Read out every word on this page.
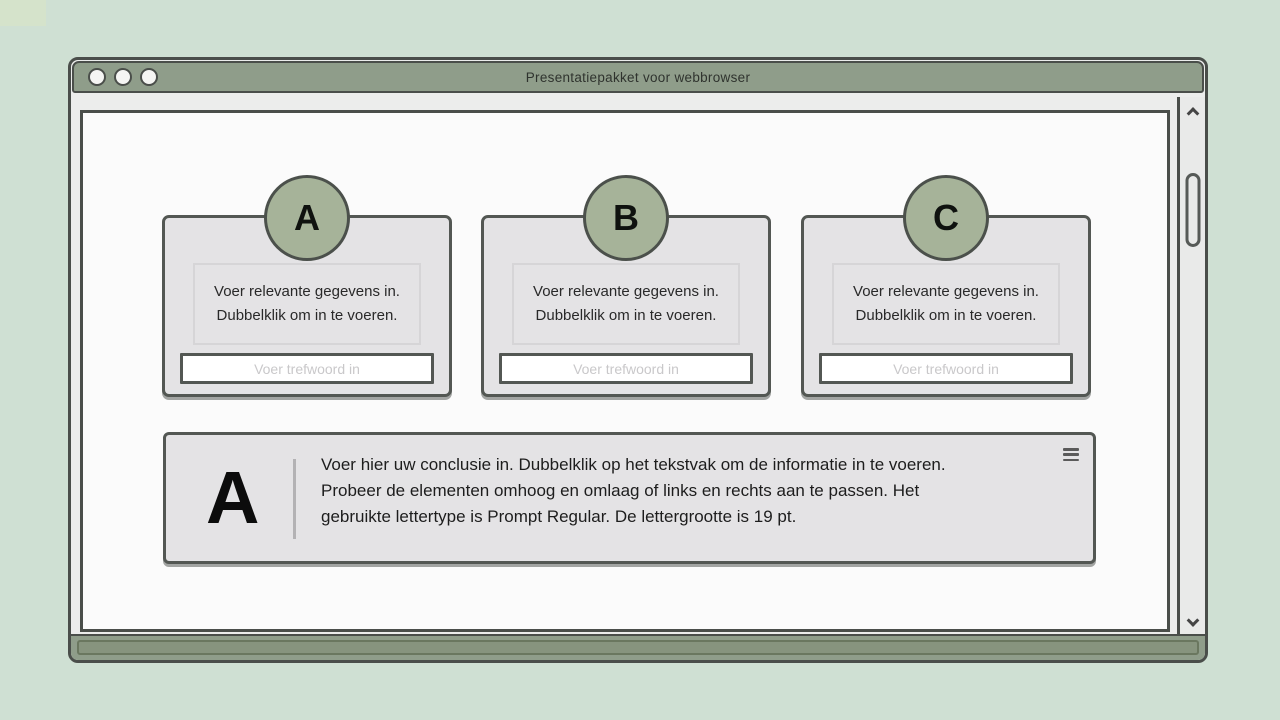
Presentatiepakket voor webbrowser
A
Voer relevante gegevens in.
Dubbelklik om in te voeren.
Voer trefwoord in
B
Voer relevante gegevens in.
Dubbelklik om in te voeren.
Voer trefwoord in
C
Voer relevante gegevens in.
Dubbelklik om in te voeren.
Voer trefwoord in
A	Voer hier uw conclusie in. Dubbelklik op het tekstvak om de informatie in te voeren.
Probeer de elementen omhoog en omlaag of links en rechts aan te passen. Het
gebruikte lettertype is Prompt Regular. De lettergrootte is 19 pt.
